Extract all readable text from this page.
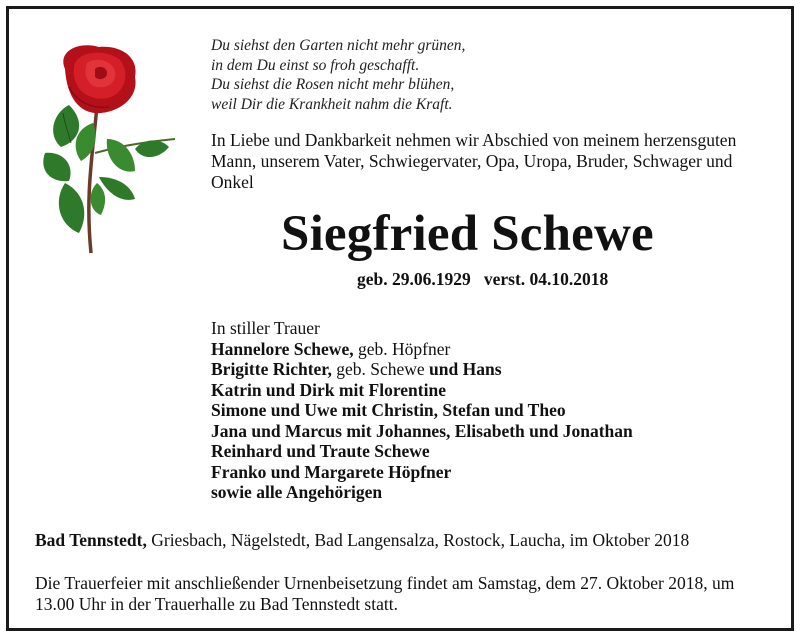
Du siehst den Garten nicht mehr grünen,
in dem Du einst so froh geschafft.
Du siehst die Rosen nicht mehr blühen,
weil Dir die Krankheit nahm die Kraft.
In Liebe und Dankbarkeit nehmen wir Abschied von meinem herzensguten Mann, unserem Vater, Schwiegervater, Opa, Uropa, Bruder, Schwager und Onkel
Siegfried Schewe
geb. 29.06.1929 verst. 04.10.2018
In stiller Trauer
Hannelore Schewe, geb. Höpfner
Brigitte Richter, geb. Schewe und Hans
Katrin und Dirk mit Florentine
Simone und Uwe mit Christin, Stefan und Theo
Jana und Marcus mit Johannes, Elisabeth und Jonathan
Reinhard und Traute Schewe
Franko und Margarete Höpfner
sowie alle Angehörigen
Bad Tennstedt, Griesbach, Nägelstedt, Bad Langensalza, Rostock, Laucha, im Oktober 2018
Die Trauerfeier mit anschließender Urnenbeisetzung findet am Samstag, dem 27. Oktober 2018, um 13.00 Uhr in der Trauerhalle zu Bad Tennstedt statt.
